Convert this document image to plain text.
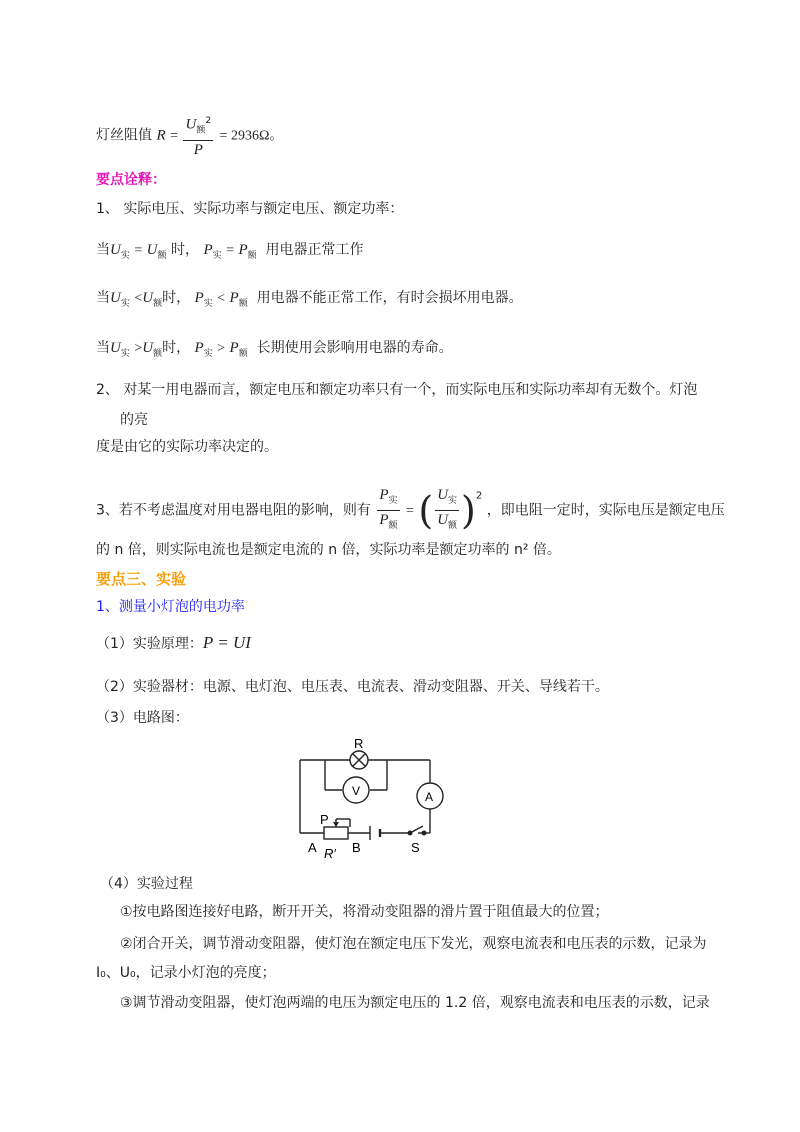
灯丝阻值 $R = \frac{U_额^2}{P} = 2936\Omega$。
要点诠释：
1、 实际电压、实际功率与额定电压、额定功率：
当$U_实 = U_额$ 时， $P_实 = P_额$ 用电器正常工作
当$U_实 <U_额$时， $P_实 < P_额$ 用电器不能正常工作，有时会损坏用电器。
当$U_实 >U_额$时， $P_实 > P_额$ 长期使用会影响用电器的寿命。
2、 对某一用电器而言，额定电压和额定功率只有一个，而实际电压和实际功率却有无数个。灯泡
的亮
度是由它的实际功率决定的。
3、若不考虑温度对用电器电阻的影响，则有 $\frac{P_实}{P_额}$ = ( $\frac{U_实}{U_额} )^2$ ，即电阻一定时，实际电压是额定电压
的 n 倍，则实际电流也是额定电流的 n 倍，实际功率是额定功率的 n² 倍。
要点三、实验
1、测量小灯泡的电功率
（1）实验原理：P = UI
（2）实验器材：电源、电灯泡、电压表、电流表、滑动变阻器、开关、导线若干。
（3）电路图：
R
V	A
P
A R′ B	S
（4）实验过程
①按电路图连接好电路，断开开关，将滑动变阻器的滑片置于阻值最大的位置；
②闭合开关，调节滑动变阻器，使灯泡在额定电压下发光，观察电流表和电压表的示数，记录为
I₀、U₀，记录小灯泡的亮度；
③调节滑动变阻器，使灯泡两端的电压为额定电压的 1.2 倍，观察电流表和电压表的示数，记录
